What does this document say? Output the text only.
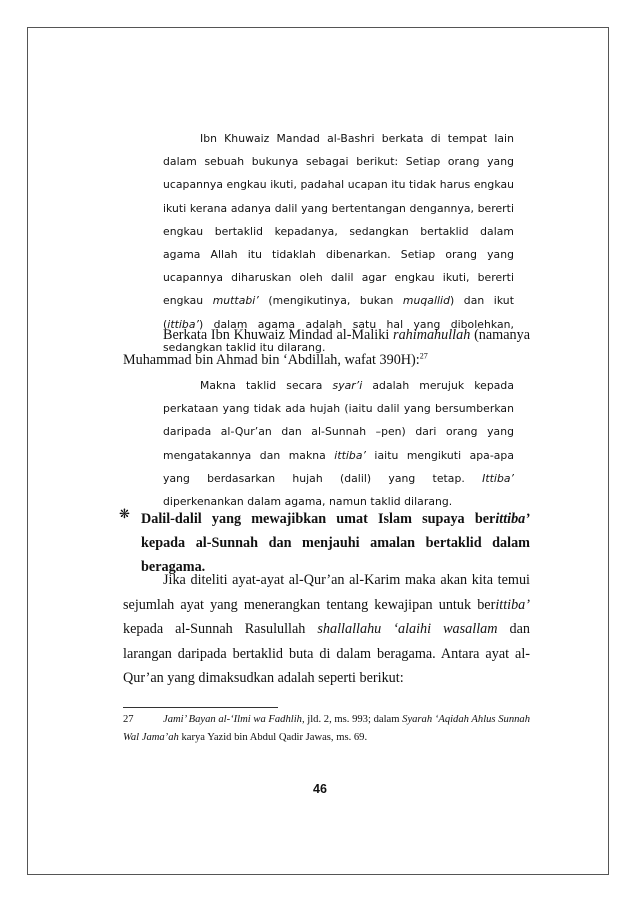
Ibn Khuwaiz Mandad al-Bashri berkata di tempat lain dalam sebuah bukunya sebagai berikut: Setiap orang yang ucapannya engkau ikuti, padahal ucapan itu tidak harus engkau ikuti kerana adanya dalil yang bertentangan dengannya, bererti engkau bertaklid kepadanya, sedangkan bertaklid dalam agama Allah itu tidaklah dibenarkan. Setiap orang yang ucapannya diharuskan oleh dalil agar engkau ikuti, bererti engkau muttabi’ (mengikutinya, bukan muqallid) dan ikut (ittiba’) dalam agama adalah satu hal yang dibolehkan, sedangkan taklid itu dilarang.

Berkata Ibn Khuwaiz Mindad al-Maliki rahimahullah (namanya Muhammad bin Ahmad bin ‘Abdillah, wafat 390H):$^{27}$

Makna taklid secara syar’i adalah merujuk kepada perkataan yang tidak ada hujah (iaitu dalil yang bersumberkan daripada al-Qur’an dan al-Sunnah –pen) dari orang yang mengatakannya dan makna ittiba’ iaitu mengikuti apa-apa yang berdasarkan hujah (dalil) yang tetap. Ittiba’ diperkenankan dalam agama, namun taklid dilarang.

❋ Dalil-dalil yang mewajibkan umat Islam supaya berittiba’ kepada al-Sunnah dan menjauhi amalan bertaklid dalam beragama.

Jika diteliti ayat-ayat al-Qur’an al-Karim maka akan kita temui sejumlah ayat yang menerangkan tentang kewajipan untuk berittiba’ kepada al-Sunnah Rasulullah shallallahu ‘alaihi wasallam dan larangan daripada bertaklid buta di dalam beragama. Antara ayat al-Qur’an yang dimaksudkan adalah seperti berikut:

27	Jami’ Bayan al-‘Ilmi wa Fadhlih, jld. 2, ms. 993; dalam Syarah ‘Aqidah Ahlus Sunnah Wal Jama’ah karya Yazid bin Abdul Qadir Jawas, ms. 69.
46
